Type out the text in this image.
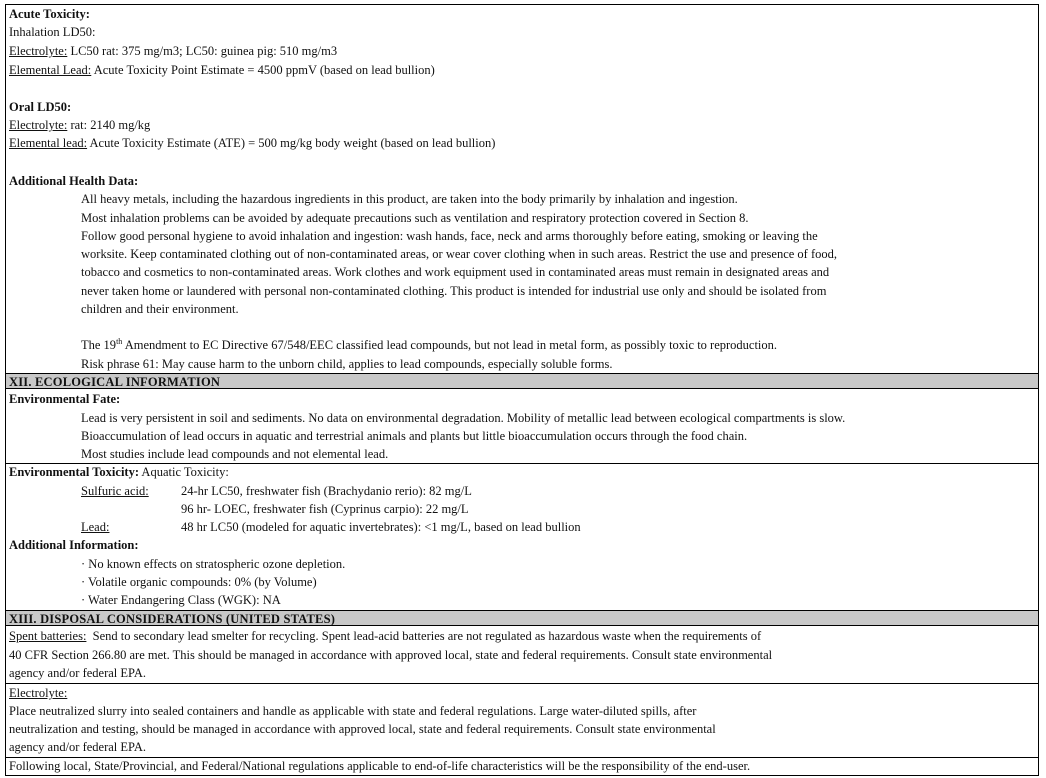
Acute Toxicity:
Inhalation LD50:
Electrolyte: LC50 rat: 375 mg/m3; LC50: guinea pig: 510 mg/m3
Elemental Lead: Acute Toxicity Point Estimate = 4500 ppmV (based on lead bullion)
Oral LD50:
Electrolyte: rat: 2140 mg/kg
Elemental lead: Acute Toxicity Estimate (ATE) = 500 mg/kg body weight (based on lead bullion)
Additional Health Data:
All heavy metals, including the hazardous ingredients in this product, are taken into the body primarily by inhalation and ingestion.
Most inhalation problems can be avoided by adequate precautions such as ventilation and respiratory protection covered in Section 8.
Follow good personal hygiene to avoid inhalation and ingestion: wash hands, face, neck and arms thoroughly before eating, smoking or leaving the
worksite. Keep contaminated clothing out of non-contaminated areas, or wear cover clothing when in such areas. Restrict the use and presence of food,
tobacco and cosmetics to non-contaminated areas. Work clothes and work equipment used in contaminated areas must remain in designated areas and
never taken home or laundered with personal non-contaminated clothing. This product is intended for industrial use only and should be isolated from
children and their environment.
The 19th Amendment to EC Directive 67/548/EEC classified lead compounds, but not lead in metal form, as possibly toxic to reproduction.
Risk phrase 61: May cause harm to the unborn child, applies to lead compounds, especially soluble forms.
XII. ECOLOGICAL INFORMATION
Environmental Fate:
Lead is very persistent in soil and sediments. No data on environmental degradation. Mobility of metallic lead between ecological compartments is slow.
Bioaccumulation of lead occurs in aquatic and terrestrial animals and plants but little bioaccumulation occurs through the food chain.
Most studies include lead compounds and not elemental lead.
Environmental Toxicity: Aquatic Toxicity:
Sulfuric acid:	24-hr LC50, freshwater fish (Brachydanio rerio): 82 mg/L
96 hr- LOEC, freshwater fish (Cyprinus carpio): 22 mg/L
Lead:	48 hr LC50 (modeled for aquatic invertebrates): <1 mg/L, based on lead bullion
Additional Information:
· No known effects on stratospheric ozone depletion.
· Volatile organic compounds: 0% (by Volume)
· Water Endangering Class (WGK): NA
XIII. DISPOSAL CONSIDERATIONS (UNITED STATES)
Spent batteries:  Send to secondary lead smelter for recycling. Spent lead-acid batteries are not regulated as hazardous waste when the requirements of
40 CFR Section 266.80 are met. This should be managed in accordance with approved local, state and federal requirements. Consult state environmental
agency and/or federal EPA.
Electrolyte:
Place neutralized slurry into sealed containers and handle as applicable with state and federal regulations. Large water-diluted spills, after
neutralization and testing, should be managed in accordance with approved local, state and federal requirements. Consult state environmental
agency and/or federal EPA.
Following local, State/Provincial, and Federal/National regulations applicable to end-of-life characteristics will be the responsibility of the end-user.
